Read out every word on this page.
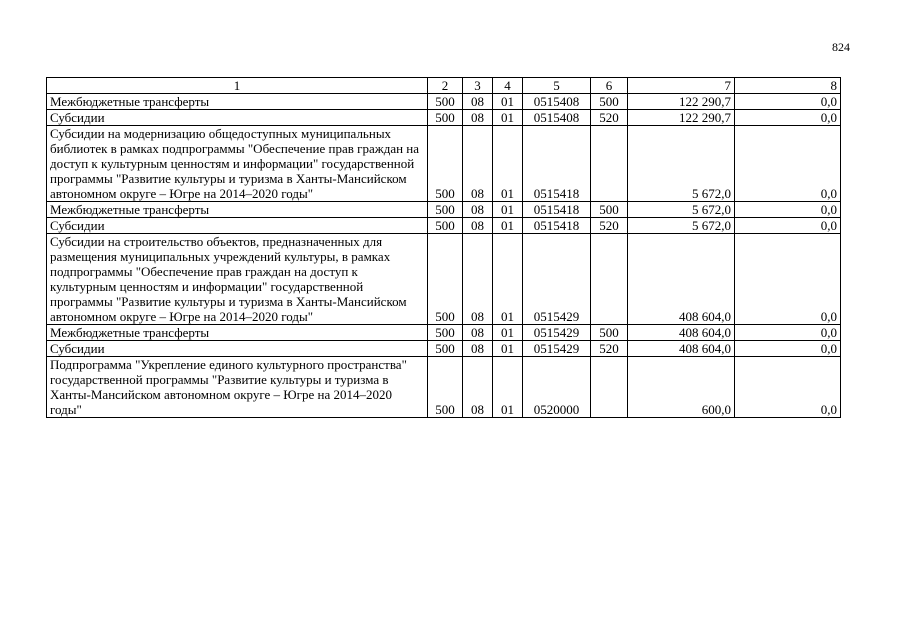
824
1	2	3	4	5	6	7	8
Межбюджетные трансферты	500	08	01	0515408	500	122 290,7	0,0
Субсидии	500	08	01	0515408	520	122 290,7	0,0
Субсидии на модернизацию общедоступных муниципальных библиотек в рамках подпрограммы "Обеспечение прав граждан на доступ к культурным ценностям и информации" государственной программы "Развитие культуры и туризма в Ханты-Мансийском автономном округе – Югре на 2014–2020 годы"	500	08	01	0515418		5 672,0	0,0
Межбюджетные трансферты	500	08	01	0515418	500	5 672,0	0,0
Субсидии	500	08	01	0515418	520	5 672,0	0,0
Субсидии на строительство объектов, предназначенных для размещения муниципальных учреждений культуры, в рамках подпрограммы "Обеспечение прав граждан на доступ к культурным ценностям и информации" государственной программы "Развитие культуры и туризма в Ханты-Мансийском автономном округе – Югре на 2014–2020 годы"	500	08	01	0515429		408 604,0	0,0
Межбюджетные трансферты	500	08	01	0515429	500	408 604,0	0,0
Субсидии	500	08	01	0515429	520	408 604,0	0,0
Подпрограмма "Укрепление единого культурного пространства" государственной программы "Развитие культуры и туризма в Ханты-Мансийском автономном округе – Югре на 2014–2020 годы"	500	08	01	0520000		600,0	0,0
